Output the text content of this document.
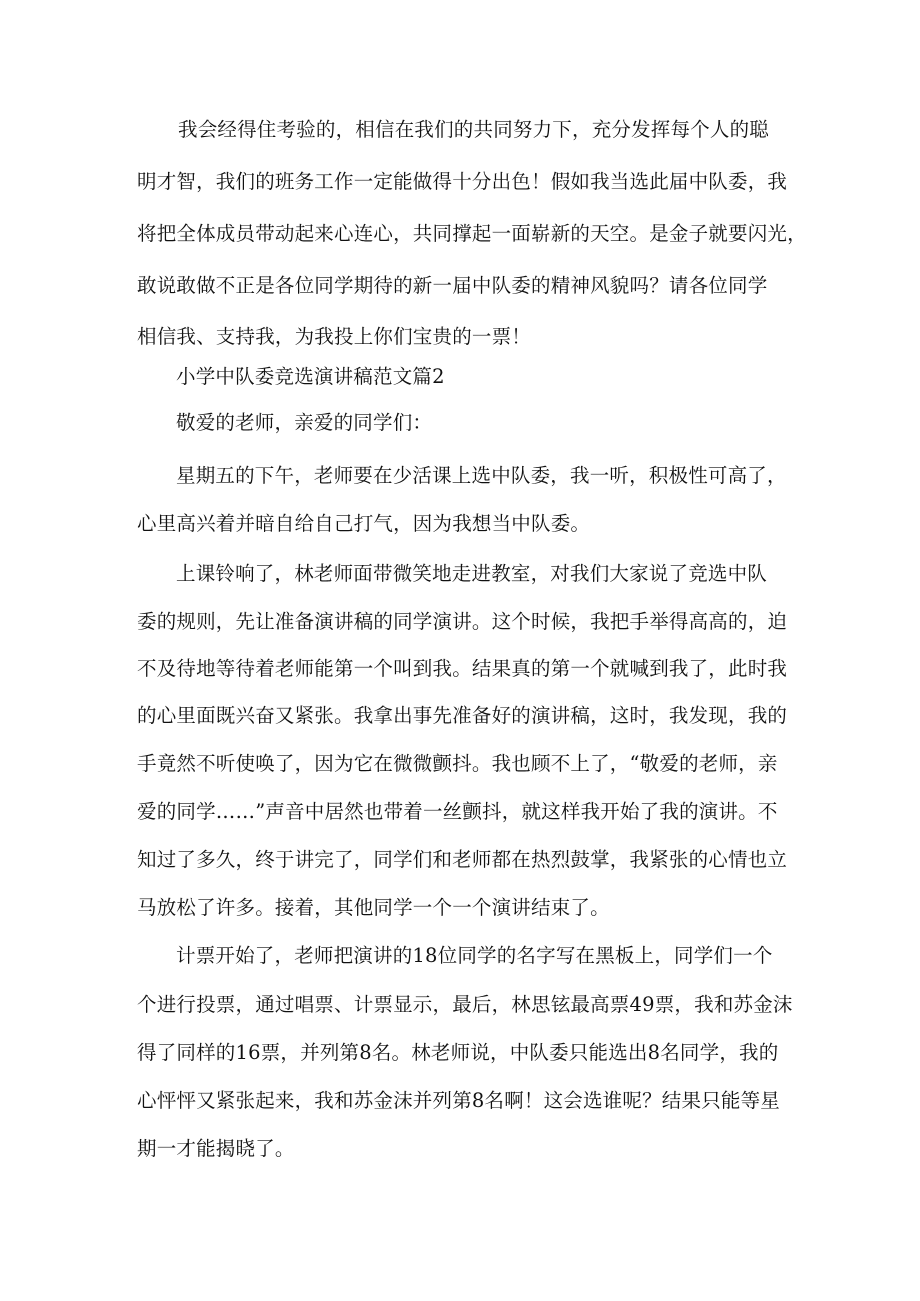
我会经得住考验的，相信在我们的共同努力下，充分发挥每个人的聪
明才智，我们的班务工作一定能做得十分出色！假如我当选此届中队委，我
将把全体成员带动起来心连心，共同撑起一面崭新的天空。是金子就要闪光，
敢说敢做不正是各位同学期待的新一届中队委的精神风貌吗？请各位同学
相信我、支持我，为我投上你们宝贵的一票！
小学中队委竞选演讲稿范文篇2
敬爱的老师，亲爱的同学们：
星期五的下午，老师要在少活课上选中队委，我一听，积极性可高了，
心里高兴着并暗自给自己打气，因为我想当中队委。
上课铃响了，林老师面带微笑地走进教室，对我们大家说了竞选中队
委的规则，先让准备演讲稿的同学演讲。这个时候，我把手举得高高的，迫
不及待地等待着老师能第一个叫到我。结果真的第一个就喊到我了，此时我
的心里面既兴奋又紧张。我拿出事先准备好的演讲稿，这时，我发现，我的
手竟然不听使唤了，因为它在微微颤抖。我也顾不上了，“敬爱的老师，亲
爱的同学……”声音中居然也带着一丝颤抖，就这样我开始了我的演讲。不
知过了多久，终于讲完了，同学们和老师都在热烈鼓掌，我紧张的心情也立
马放松了许多。接着，其他同学一个一个演讲结束了。
计票开始了，老师把演讲的18位同学的名字写在黑板上，同学们一个
个进行投票，通过唱票、计票显示，最后，林思铉最高票49票，我和苏金沫
得了同样的16票，并列第8名。林老师说，中队委只能选出8名同学，我的
心怦怦又紧张起来，我和苏金沫并列第8名啊！这会选谁呢？结果只能等星
期一才能揭晓了。
